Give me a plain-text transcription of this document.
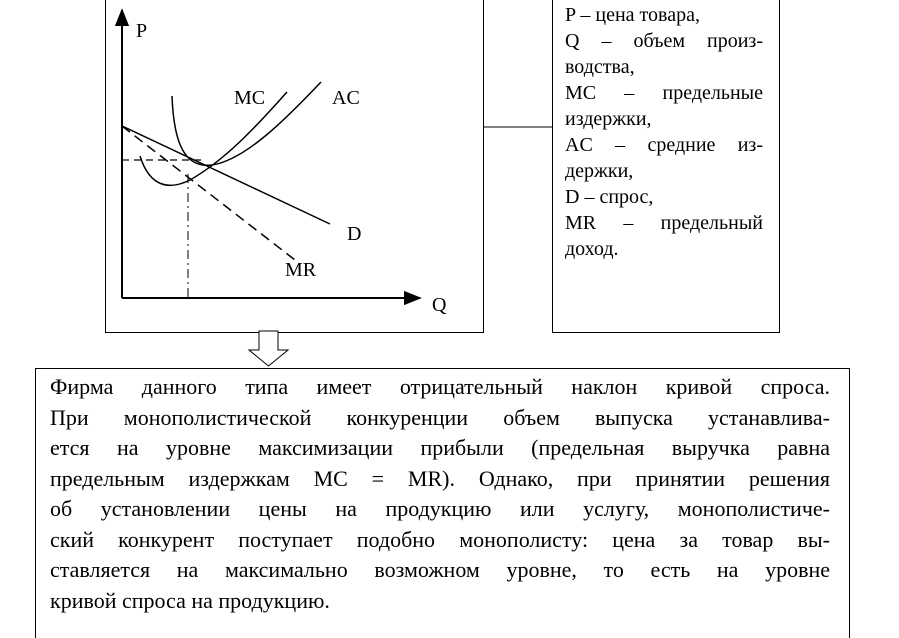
P
Q
MC	AC
D
MR
P – цена товара,
Q – объем произ-
водства,
MC – предельные
издержки,
AC – средние из-
держки,
D – спрос,
MR – предельный
доход.
Фирма данного типа имеет отрицательный наклон кривой спроса.
При монополистической конкуренции объем выпуска устанавлива-
ется на уровне максимизации прибыли (предельная выручка равна
предельным издержкам MC = MR). Однако, при принятии решения
об установлении цены на продукцию или услугу, монополистиче-
ский конкурент поступает подобно монополисту: цена за товар вы-
ставляется на максимально возможном уровне, то есть на уровне
кривой спроса на продукцию.
